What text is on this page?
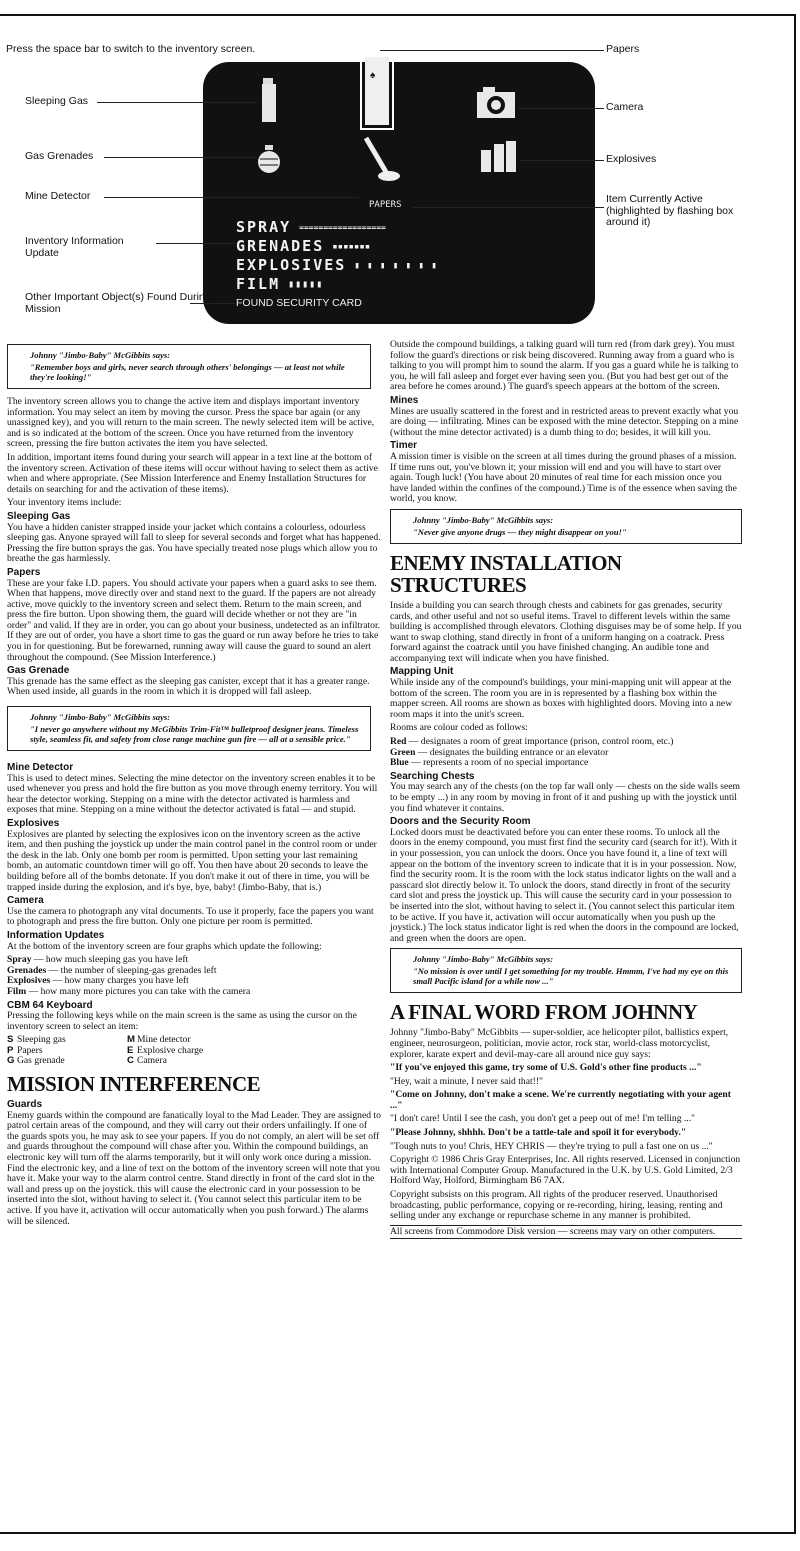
Press the space bar to switch to the inventory screen.
♠
PAPERS
SPRAY ==================
GRENADES ▪▪▪▪▪▪▪
EXPLOSIVES ▮ ▮ ▮ ▮ ▮ ▮ ▮
FILM ▮▮▮▮▮
FOUND SECURITY CARD
Sleeping Gas
Gas Grenades
Mine Detector
Inventory Information Update
Other Important Object(s) Found During Mission
Papers
Camera
Explosives
Item Currently Active (highlighted by flashing box around it)
Johnny "Jimbo-Baby" McGibbits says:
"Remember boys and girls, never search through others' belongings — at least not while they're looking!"

The inventory screen allows you to change the active item and displays important inventory information. You may select an item by moving the cursor. Press the space bar again (or any unassigned key), and you will return to the main screen. The newly selected item will be active, and is so indicated at the bottom of the screen. Once you have returned from the inventory screen, pressing the fire button activates the item you have selected.

In addition, important items found during your search will appear in a text line at the bottom of the inventory screen. Activation of these items will occur without having to select them as active when and where appropriate. (See Mission Interference and Enemy Installation Structures for details on searching for and the activation of these items).

Your inventory items include:

Sleeping Gas

You have a hidden canister strapped inside your jacket which contains a colourless, odourless sleeping gas. Anyone sprayed will fall to sleep for several seconds and forget what has happened. Pressing the fire button sprays the gas. You have specially treated nose plugs which allow you to breathe the gas harmlessly.

Papers

These are your fake I.D. papers. You should activate your papers when a guard asks to see them. When that happens, move directly over and stand next to the guard. If the papers are not already active, move quickly to the inventory screen and select them. Return to the main screen, and press the fire button. Upon showing them, the guard will decide whether or not they are "in order" and valid. If they are in order, you can go about your business, undetected as an infiltrator. If they are out of order, you have a short time to gas the guard or run away before he tries to take you in for questioning. But be forewarned, running away will cause the guard to sound an alert throughout the compound. (See Mission Interference.)

Gas Grenade

This grenade has the same effect as the sleeping gas canister, except that it has a greater range. When used inside, all guards in the room in which it is dropped will fall asleep.

Johnny "Jimbo-Baby" McGibbits says:
"I never go anywhere without my McGibbits Trim-Fit™ bulletproof designer jeans. Timeless style, seamless fit, and safety from close range machine gun fire — all at a sensible price."
Mine Detector

This is used to detect mines. Selecting the mine detector on the inventory screen enables it to be used whenever you press and hold the fire button as you move through enemy territory. You will hear the detector working. Stepping on a mine with the detector activated is harmless and exposes that mine. Stepping on a mine without the detector activated is fatal — and stupid.

Explosives

Explosives are planted by selecting the explosives icon on the inventory screen as the active item, and then pushing the joystick up under the main control panel in the control room or under the desk in the lab. Only one bomb per room is permitted. Upon setting your last remaining bomb, an automatic countdown timer will go off. You then have about 20 seconds to leave the building before all of the bombs detonate. If you don't make it out of there in time, you will be trapped inside during the explosion, and it's bye, bye, baby! (Jimbo-Baby, that is.)

Camera

Use the camera to photograph any vital documents. To use it properly, face the papers you want to photograph and press the fire button. Only one picture per room is permitted.

Information Updates

At the bottom of the inventory screen are four graphs which update the following:

Spray — how much sleeping gas you have left
Grenades — the number of sleeping-gas grenades left
Explosives — how many charges you have left
Film — how many more pictures you can take with the camera
CBM 64 Keyboard

Pressing the following keys while on the main screen is the same as using the cursor on the inventory screen to select an item:

S Sleeping gas	M Mine detector
P Papers	E Explosive charge
G Gas grenade	C Camera
MISSION INTERFERENCE
Guards

Enemy guards within the compound are fanatically loyal to the Mad Leader. They are assigned to patrol certain areas of the compound, and they will carry out their orders unfailingly. If one of the guards spots you, he may ask to see your papers. If you do not comply, an alert will be set off and guards throughout the compound will chase after you. Within the compound buildings, an electronic key will turn off the alarms temporarily, but it will only work once during a mission. Find the electronic key, and a line of text on the bottom of the inventory screen will note that you have it. Make your way to the alarm control centre. Stand directly in front of the card slot in the wall and press up on the joystick. this will cause the electronic card in your possession to be inserted into the slot, without having to select it. (You cannot select this particular item to be active. If you have it, activation will occur automatically when you push forward.) The alarms will be silenced.

Outside the compound buildings, a talking guard will turn red (from dark grey). You must follow the guard's directions or risk being discovered. Running away from a guard who is talking to you will prompt him to sound the alarm. If you gas a guard while he is talking to you, he will fall asleep and forget ever having seen you. (But you had best get out of the area before he comes around.) The guard's speech appears at the bottom of the screen.

Mines

Mines are usually scattered in the forest and in restricted areas to prevent exactly what you are doing — infiltrating. Mines can be exposed with the mine detector. Stepping on a mine (without the mine detector activated) is a dumb thing to do; besides, it will kill you.

Timer

A mission timer is visible on the screen at all times during the ground phases of a mission. If time runs out, you've blown it; your mission will end and you will have to start over again. Tough luck! (You have about 20 minutes of real time for each mission once you have landed within the confines of the compound.) Time is of the essence when saving the world, you know.

Johnny "Jimbo-Baby" McGibbits says:
"Never give anyone drugs — they might disappear on you!"
ENEMY INSTALLATION STRUCTURES

Inside a building you can search through chests and cabinets for gas grenades, security cards, and other useful and not so useful items. Travel to different levels within the same building is accomplished through elevators. Clothing disguises may be of some help. If you want to swap clothing, stand directly in front of a uniform hanging on a coatrack. Press forward against the coatrack until you have finished changing. An audible tone and accompanying text will indicate when you have finished.

Mapping Unit

While inside any of the compound's buildings, your mini-mapping unit will appear at the bottom of the screen. The room you are in is represented by a flashing box within the mapper screen. All rooms are shown as boxes with highlighted doors. Moving into a new room maps it into the unit's screen.

Rooms are colour coded as follows:

Red — designates a room of great importance (prison, control room, etc.)
Green — designates the building entrance or an elevator
Blue — represents a room of no special importance
Searching Chests

You may search any of the chests (on the top far wall only — chests on the side walls seem to be empty ...) in any room by moving in front of it and pushing up with the joystick until you find whatever it contains.

Doors and the Security Room

Locked doors must be deactivated before you can enter these rooms. To unlock all the doors in the enemy compound, you must first find the security card (search for it!). With it in your possession, you can unlock the doors. Once you have found it, a line of text will appear on the bottom of the inventory screen to indicate that it is in your possession. Now, find the security room. It is the room with the lock status indicator lights on the wall and a passcard slot directly below it. To unlock the doors, stand directly in front of the security card slot and press the joystick up. This will cause the security card in your possession to be inserted into the slot, without having to select it. (You cannot select this particular item to be active. If you have it, activation will occur automatically when you push up the joystick.) The lock status indicator light is red when the doors in the compound are locked, and green when the doors are open.

Johnny "Jimbo-Baby" McGibbits says:
"No mission is over until I get something for my trouble. Hmmm, I've had my eye on this small Pacific island for a while now ..."
A FINAL WORD FROM JOHNNY

Johnny "Jimbo-Baby" McGibbits — super-soldier, ace helicopter pilot, ballistics expert, engineer, neurosurgeon, politician, movie actor, rock star, world-class motorcyclist, explorer, karate expert and devil-may-care all around nice guy says:

"If you've enjoyed this game, try some of U.S. Gold's other fine products ..."

"Hey, wait a minute, I never said that!!"

"Come on Johnny, don't make a scene. We're currently negotiating with your agent ..."

"I don't care! Until I see the cash, you don't get a peep out of me! I'm telling ..."

"Please Johnny, shhhh. Don't be a tattle-tale and spoil it for everybody."

"Tough nuts to you! Chris, HEY CHRIS — they're trying to pull a fast one on us ..."

Copyright © 1986 Chris Gray Enterprises, Inc. All rights reserved. Licensed in conjunction with International Computer Group. Manufactured in the U.K. by U.S. Gold Limited, 2/3 Holford Way, Holford, Birmingham B6 7AX.

Copyright subsists on this program. All rights of the producer reserved. Unauthorised broadcasting, public performance, copying or re-recording, hiring, leasing, renting and selling under any exchange or repurchase scheme in any manner is prohibited.

All screens from Commodore Disk version — screens may vary on other computers.
